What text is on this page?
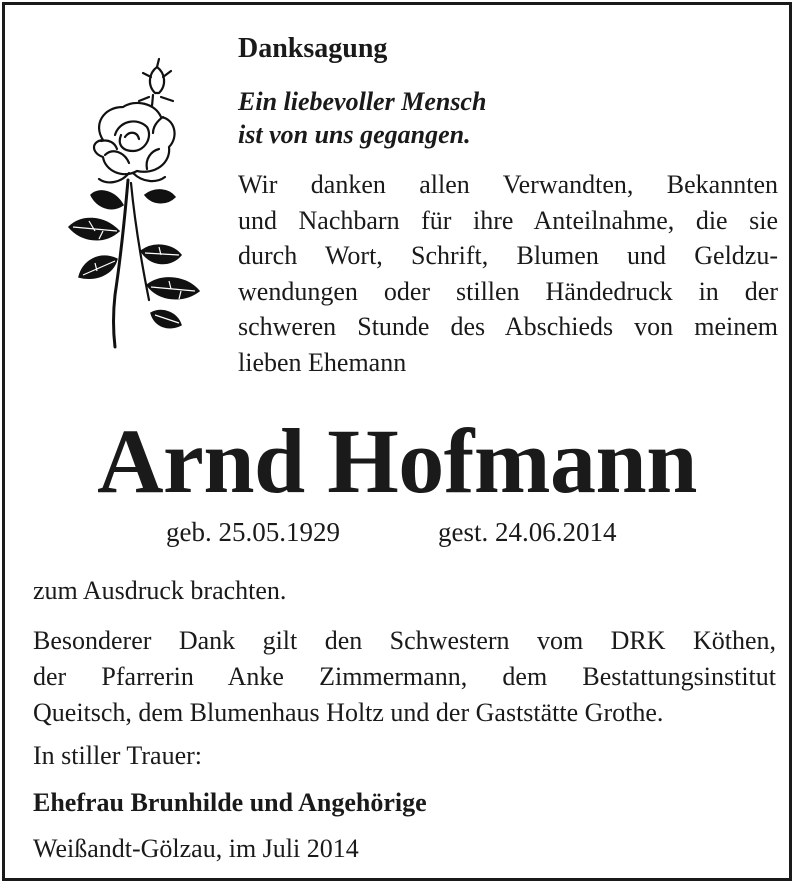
Danksagung

Ein liebevoller Mensch
ist von uns gegangen.

Wir danken allen Verwandten, Bekannten
und Nachbarn für ihre Anteilnahme, die sie
durch Wort, Schrift, Blumen und Geldzu-
wendungen oder stillen Händedruck in der
schweren Stunde des Abschieds von meinem
lieben Ehemann

Arnd Hofmann

geb. 25.05.1929	gest. 24.06.2014

zum Ausdruck brachten.

Besonderer Dank gilt den Schwestern vom DRK Köthen,
der Pfarrerin Anke Zimmermann, dem Bestattungsinstitut
Queitsch, dem Blumenhaus Holtz und der Gaststätte Grothe.

In stiller Trauer:

Ehefrau Brunhilde und Angehörige

Weißandt-Gölzau, im Juli 2014
